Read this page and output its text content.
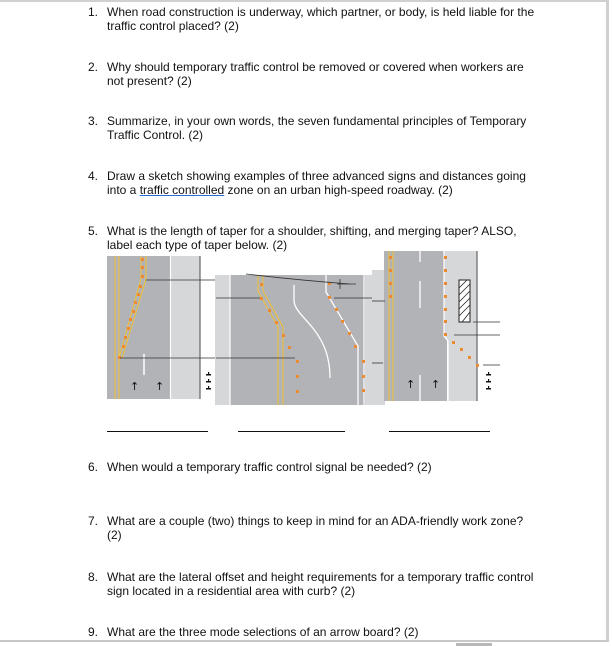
1. When road construction is underway, which partner, or body, is held liable for the traffic control placed? (2)
2. Why should temporary traffic control be removed or covered when workers are not present? (2)
3. Summarize, in your own words, the seven fundamental principles of Temporary Traffic Control. (2)
4. Draw a sketch showing examples of three advanced signs and distances going into a traffic controlled zone on an urban high-speed roadway. (2)
5. What is the length of taper for a shoulder, shifting, and merging taper? ALSO, label each type of taper below. (2)
↑ ↑	↑ ↑
6. When would a temporary traffic control signal be needed? (2)
7. What are a couple (two) things to keep in mind for an ADA-friendly work zone? (2)
8. What are the lateral offset and height requirements for a temporary traffic control sign located in a residential area with curb? (2)
9. What are the three mode selections of an arrow board? (2)
